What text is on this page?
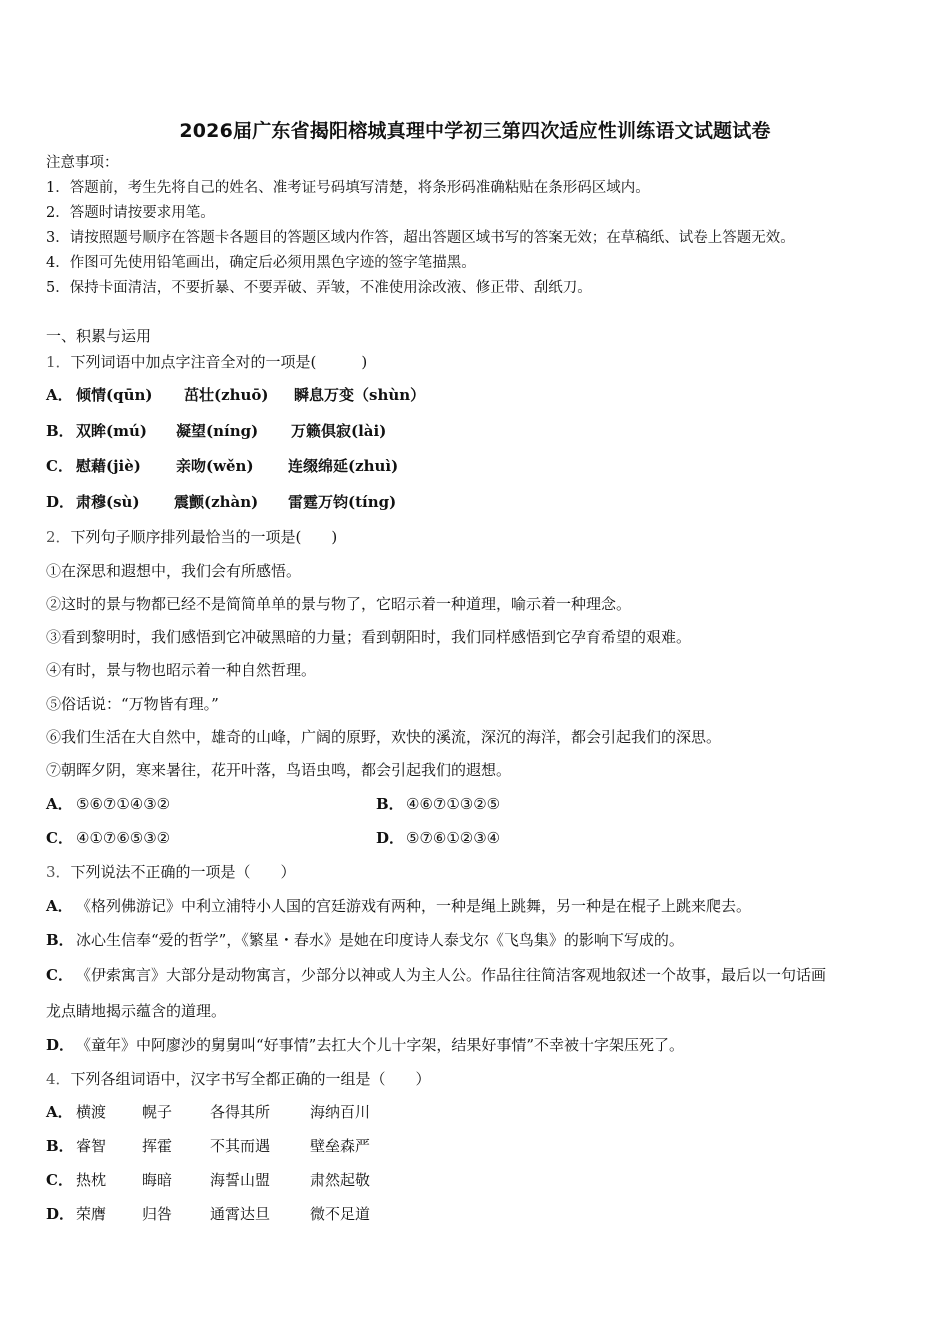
2026届广东省揭阳榕城真理中学初三第四次适应性训练语文试题试卷
注意事项：
1．答题前，考生先将自己的姓名、准考证号码填写清楚，将条形码准确粘贴在条形码区域内。
2．答题时请按要求用笔。
3．请按照题号顺序在答题卡各题目的答题区域内作答，超出答题区域书写的答案无效；在草稿纸、试卷上答题无效。
4．作图可先使用铅笔画出，确定后必须用黑色字迹的签字笔描黑。
5．保持卡面清洁，不要折暴、不要弄破、弄皱，不准使用涂改液、修正带、刮纸刀。
一、积累与运用
1．下列词语中加点字注音全对的一项是(　　　)
A． 倾情(qūn) 茁壮(zhuō) 瞬息万变（shùn）
B． 双眸(mú) 凝望(níng) 万籁俱寂(lài)
C． 慰藉(jiè) 亲吻(wěn) 连缀绵延(zhuì)
D． 肃穆(sù) 震颤(zhàn) 雷霆万钧(tíng)
2．下列句子顺序排列最恰当的一项是(　　)
①在深思和遐想中，我们会有所感悟。
②这时的景与物都已经不是简简单单的景与物了，它昭示着一种道理，喻示着一种理念。
③看到黎明时，我们感悟到它冲破黑暗的力量；看到朝阳时，我们同样感悟到它孕育希望的艰难。
④有时，景与物也昭示着一种自然哲理。
⑤俗话说：“万物皆有理。”
⑥我们生活在大自然中，雄奇的山峰，广阔的原野，欢快的溪流，深沉的海洋，都会引起我们的深思。
⑦朝晖夕阴，寒来暑往，花开叶落，鸟语虫鸣，都会引起我们的遐想。
A． ⑤⑥⑦①④③②	B． ④⑥⑦①③②⑤
C． ④①⑦⑥⑤③②	D． ⑤⑦⑥①②③④
3．下列说法不正确的一项是（　　）
A． 《格列佛游记》中利立浦特小人国的宫廷游戏有两种，一种是绳上跳舞，另一种是在棍子上跳来爬去。
B． 冰心生信奉“爱的哲学”，《繁星・春水》是她在印度诗人泰戈尔《飞鸟集》的影响下写成的。
C． 《伊索寓言》大部分是动物寓言，少部分以神或人为主人公。作品往往简洁客观地叙述一个故事，最后以一句话画
龙点睛地揭示蕴含的道理。
D． 《童年》中阿廖沙的舅舅叫“好事情”去扛大个儿十字架，结果好事情”不幸被十字架压死了。
4．下列各组词语中，汉字书写全都正确的一组是（　　）
A． 横渡 幌子	各得其所	海纳百川
B． 睿智 挥霍	不其而遇	壁垒森严
C． 热枕 晦暗	海誓山盟	肃然起敬
D． 荣膺 归咎	通霄达旦	微不足道
